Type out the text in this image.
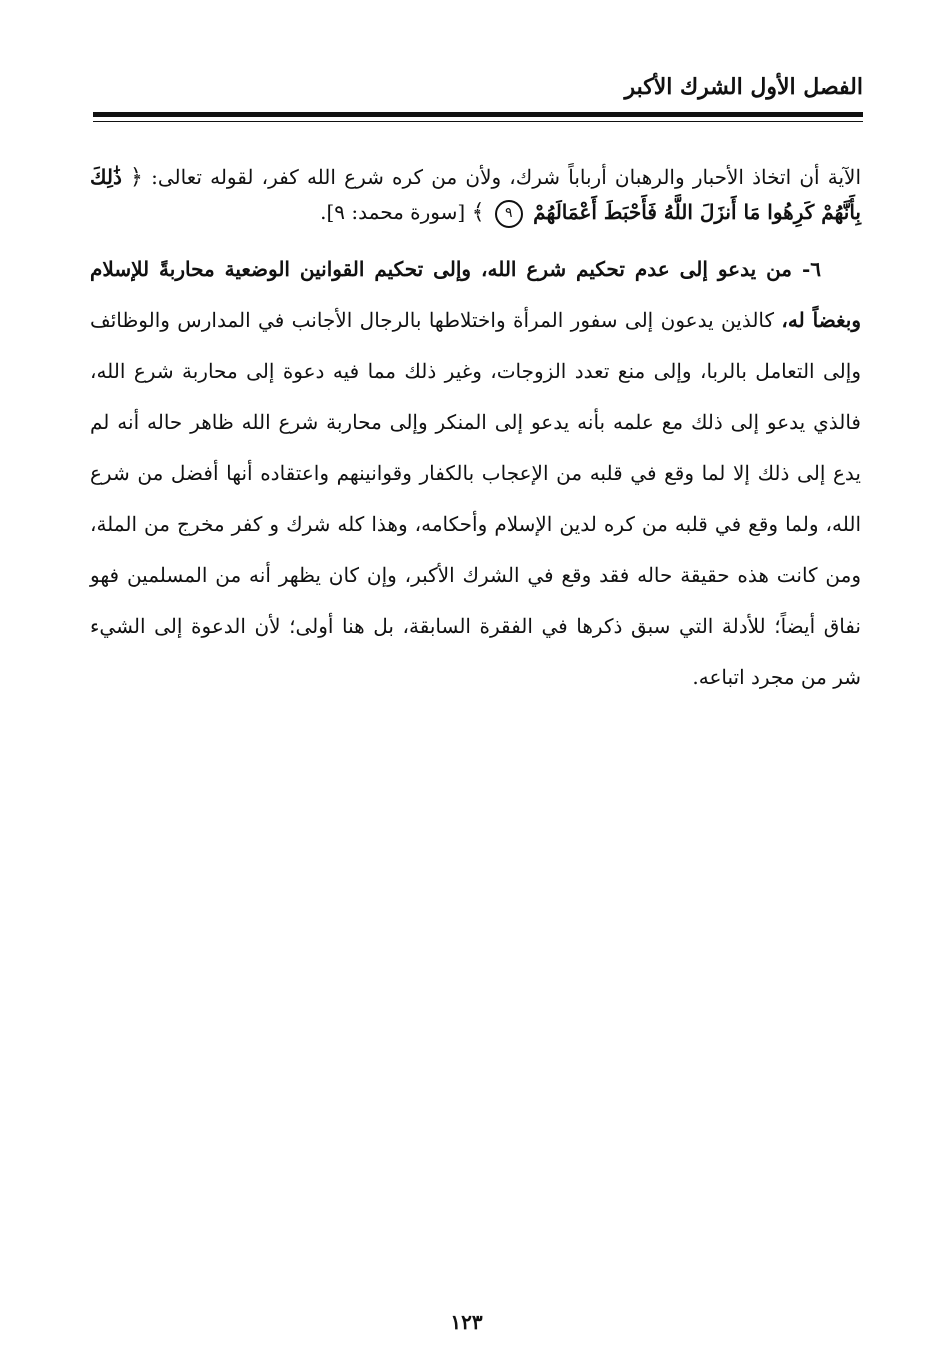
الفصل الأول الشرك الأكبر

الآية أن اتخاذ الأحبار والرهبان أرباباً شرك، ولأن من كره شرع الله كفر، لقوله تعالى: ﴿ ذَٰلِكَ بِأَنَّهُمْ كَرِهُوا مَا أَنزَلَ اللَّهُ فَأَحْبَطَ أَعْمَالَهُمْ ٩ ﴾ [سورة محمد: ٩].

٦- من يدعو إلى عدم تحكيم شرع الله، وإلى تحكيم القوانين الوضعية محاربةً للإسلام وبغضاً له، كالذين يدعون إلى سفور المرأة واختلاطها بالرجال الأجانب في المدارس والوظائف وإلى التعامل بالربا، وإلى منع تعدد الزوجات، وغير ذلك مما فيه دعوة إلى محاربة شرع الله، فالذي يدعو إلى ذلك مع علمه بأنه يدعو إلى المنكر وإلى محاربة شرع الله ظاهر حاله أنه لم يدع إلى ذلك إلا لما وقع في قلبه من الإعجاب بالكفار وقوانينهم واعتقاده أنها أفضل من شرع الله، ولما وقع في قلبه من كره لدين الإسلام وأحكامه، وهذا كله شرك و كفر مخرج من الملة، ومن كانت هذه حقيقة حاله فقد وقع في الشرك الأكبر، وإن كان يظهر أنه من المسلمين فهو نفاق أيضاً؛ للأدلة التي سبق ذكرها في الفقرة السابقة، بل هنا أولى؛ لأن الدعوة إلى الشيء شر من مجرد اتباعه.

١٢٣
